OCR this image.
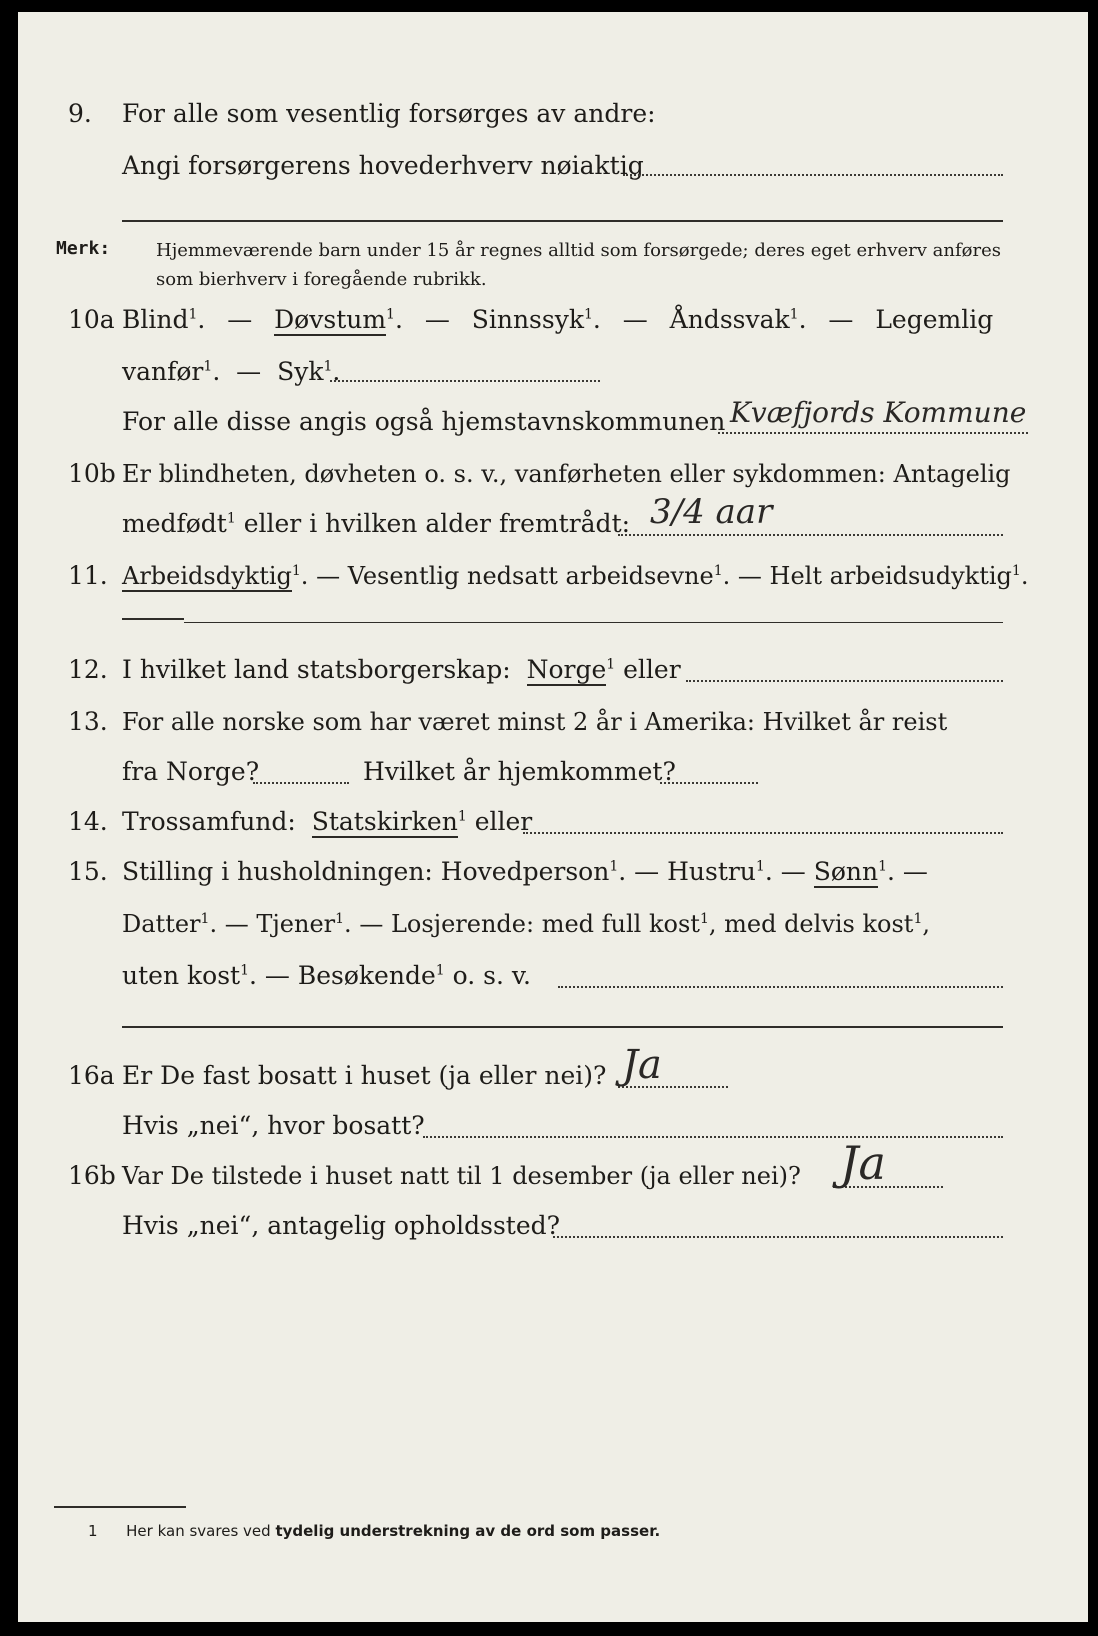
9. For alle som vesentlig forsørges av andre:
Angi forsørgerens hovederhverv nøiaktig
Merk:	Hjemmeværende barn under 15 år regnes alltid som forsørgede; deres eget erhverv anføres som bierhverv i foregående rubrikk.
10a Blind$^1$.  — Døvstum$^1$.  — Sinnssyk$^1$.  — Åndssvak$^1$.  — Legemlig
vanfør$^1$.  — Syk$^1$.
For alle disse angis også hjemstavnskommunen Kvæfjords Kommune
10b Er blindheten, døvheten o. s. v., vanførheten eller sykdommen: Antagelig
medfødt$^1$ eller i hvilken alder fremtrådt: 3/4 aar
11. Arbeidsdyktig$^1$. — Vesentlig nedsatt arbeidsevne$^1$. — Helt arbeidsudyktig$^1$.
12. I hvilket land statsborgerskap: Norge$^1$ eller
13. For alle norske som har været minst 2 år i Amerika: Hvilket år reist
fra Norge?	Hvilket år hjemkommet?
14. Trossamfund: Statskirken$^1$ eller
15. Stilling i husholdningen: Hovedperson$^1$. — Hustru$^1$. — Sønn$^1$. —
Datter$^1$. — Tjener$^1$. — Losjerende: med full kost$^1$, med delvis kost$^1$,
uten kost$^1$. — Besøkende$^1$ o. s. v.
16a Er De fast bosatt i huset (ja eller nei)? Ja
Hvis „nei“, hvor bosatt?
16b Var De tilstede i huset natt til 1 desember (ja eller nei)? Ja
Hvis „nei“, antagelig opholdssted?
1 Her kan svares ved tydelig understrekning av de ord som passer.
